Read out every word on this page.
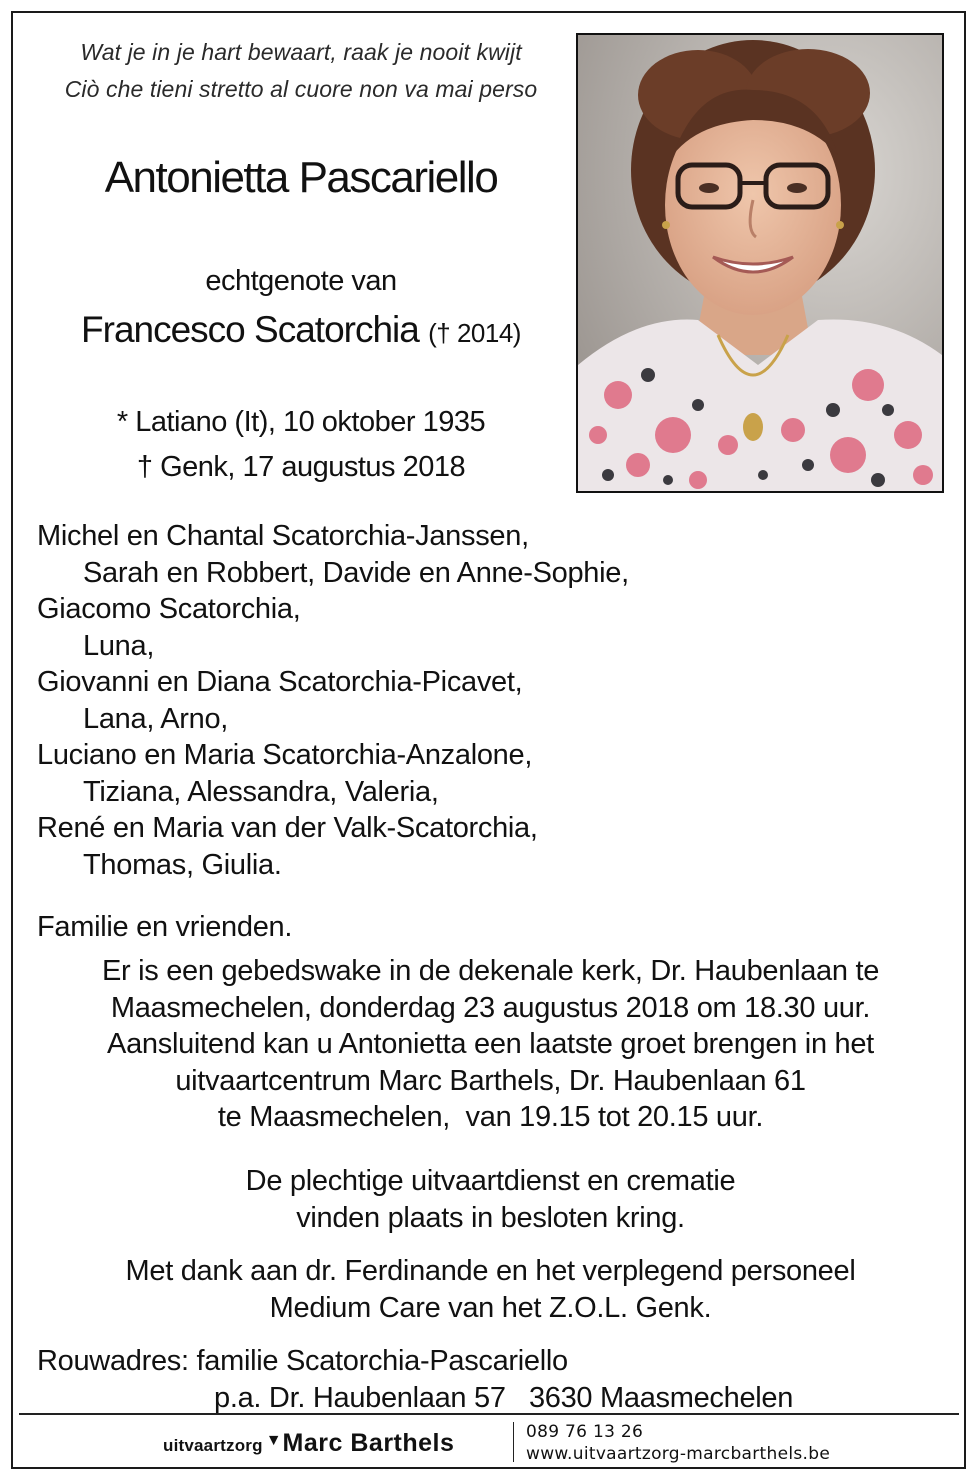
Wat je in je hart bewaart, raak je nooit kwijt
Ciò che tieni stretto al cuore non va mai perso
Antonietta Pascariello
echtgenote van
Francesco Scatorchia († 2014)
* Latiano (It), 10 oktober 1935
† Genk, 17 augustus 2018
Michel en Chantal Scatorchia-Janssen,
Sarah en Robbert, Davide en Anne-Sophie,
Giacomo Scatorchia,
Luna,
Giovanni en Diana Scatorchia-Picavet,
Lana, Arno,
Luciano en Maria Scatorchia-Anzalone,
Tiziana, Alessandra, Valeria,
René en Maria van der Valk-Scatorchia,
Thomas, Giulia.
Familie en vrienden.
Er is een gebedswake in de dekenale kerk, Dr. Haubenlaan te
Maasmechelen, donderdag 23 augustus 2018 om 18.30 uur.
Aansluitend kan u Antonietta een laatste groet brengen in het
uitvaartcentrum Marc Barthels, Dr. Haubenlaan 61
te Maasmechelen,  van 19.15 tot 20.15 uur.
De plechtige uitvaartdienst en crematie
vinden plaats in besloten kring.
Met dank aan dr. Ferdinande en het verplegend personeel
Medium Care van het Z.O.L. Genk.
Rouwadres: familie Scatorchia-Pascariello
p.a. Dr. Haubenlaan 57   3630 Maasmechelen
uitvaartzorg ▼Marc Barthels	089 76 13 26
www.uitvaartzorg-marcbarthels.be
